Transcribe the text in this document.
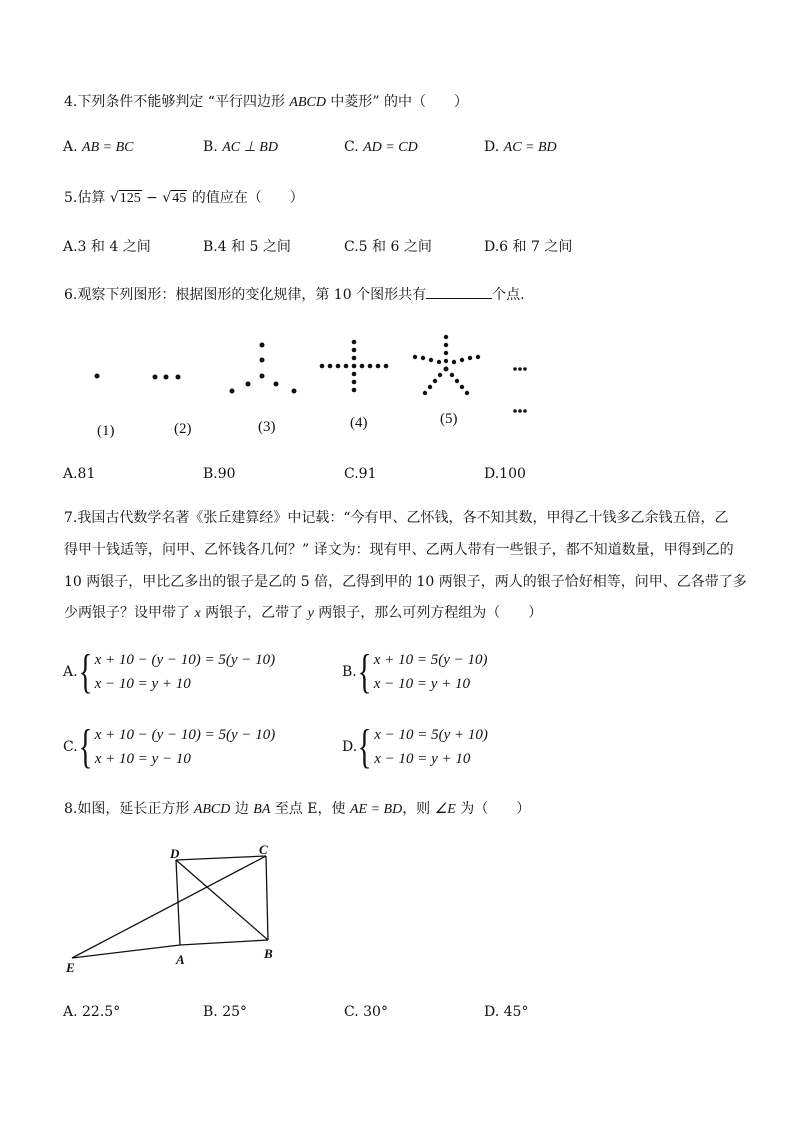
4.下列条件不能够判定 “平行四边形 ABCD 中菱形” 的中（　　）
A. AB = BC	B. AC ⊥ BD	C. AD = CD	D. AC = BD
5.估算 √125 − √45 的值应在（　　）
A.3 和 4 之间	B.4 和 5 之间	C.5 和 6 之间	D.6 和 7 之间
6.观察下列图形：根据图形的变化规律，第 10 个图形共有	个点.
(1)	(2)	(3)	(4)	(5)
A.81	B.90	C.91	D.100
7.我国古代数学名著《张丘建算经》中记载：“今有甲、乙怀钱，各不知其数，甲得乙十钱多乙余钱五倍，乙
得甲十钱适等，问甲、乙怀钱各几何？” 译文为：现有甲、乙两人带有一些银子，都不知道数量，甲得到乙的
10 两银子，甲比乙多出的银子是乙的 5 倍，乙得到甲的 10 两银子，两人的银子恰好相等，问甲、乙各带了多
少两银子？设甲带了 x 两银子，乙带了 y 两银子，那么可列方程组为（　　）
A. { x + 10 − (y − 10) = 5(y − 10)
x − 10 = y + 10
B. { x + 10 = 5(y − 10)
x − 10 = y + 10
C. { x + 10 − (y − 10) = 5(y − 10)
x + 10 = y − 10
D. { x − 10 = 5(y + 10)
x − 10 = y + 10
8.如图，延长正方形 ABCD 边 BA 至点 E，使 AE = BD，则 ∠E 为（　　）
D	C
E
A	B
A. 22.5°	B. 25°	C. 30°	D. 45°
